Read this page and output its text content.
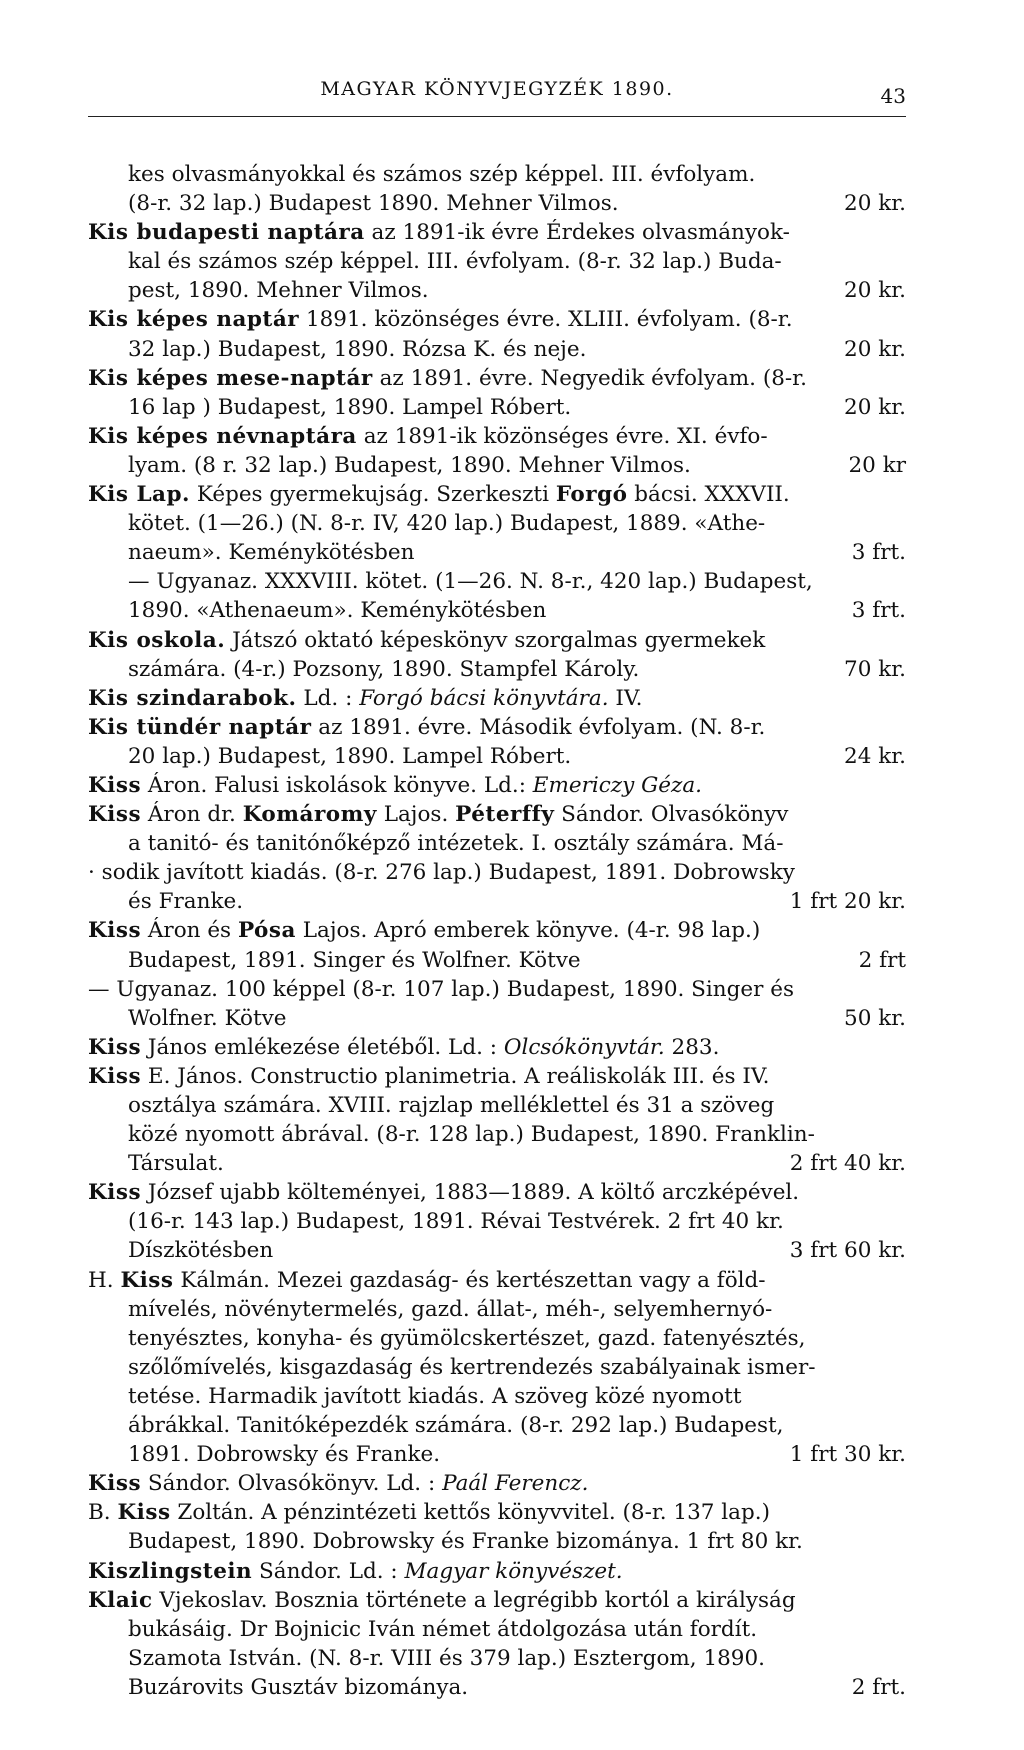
MAGYAR KÖNYVJEGYZÉK 1890.	43
kes olvasmányokkal és számos szép képpel. III. évfolyam.
(8-r. 32 lap.) Budapest 1890. Mehner Vilmos.	20 kr.
Kis budapesti naptára az 1891-ik évre Érdekes olvasmányok-
kal és számos szép képpel. III. évfolyam. (8-r. 32 lap.) Buda-
pest, 1890. Mehner Vilmos.	20 kr.
Kis képes naptár 1891. közönséges évre. XLIII. évfolyam. (8-r.
32 lap.) Budapest, 1890. Rózsa K. és neje.	20 kr.
Kis képes mese-naptár az 1891. évre. Negyedik évfolyam. (8-r.
16 lap ) Budapest, 1890. Lampel Róbert.	20 kr.
Kis képes névnaptára az 1891-ik közönséges évre. XI. évfo-
lyam. (8 r. 32 lap.) Budapest, 1890. Mehner Vilmos.	20 kr
Kis Lap. Képes gyermekujság. Szerkeszti Forgó bácsi. XXXVII.
kötet. (1—26.) (N. 8-r. IV, 420 lap.) Budapest, 1889. «Athe-
naeum». Keménykötésben	3 frt.
— Ugyanaz. XXXVIII. kötet. (1—26. N. 8-r., 420 lap.) Budapest,
1890. «Athenaeum». Keménykötésben	3 frt.
Kis oskola. Játszó oktató képeskönyv szorgalmas gyermekek
számára. (4-r.) Pozsony, 1890. Stampfel Károly.	70 kr.
Kis szindarabok. Ld. : Forgó bácsi könyvtára. IV.
Kis tündér naptár az 1891. évre. Második évfolyam. (N. 8-r.
20 lap.) Budapest, 1890. Lampel Róbert.	24 kr.
Kiss Áron. Falusi iskolások könyve. Ld.: Emericzy Géza.
Kiss Áron dr. Komáromy Lajos. Péterffy Sándor. Olvasókönyv
a tanitó- és tanitónőképző intézetek. I. osztály számára. Má-
· sodik javított kiadás. (8-r. 276 lap.) Budapest, 1891. Dobrowsky
és Franke.	1 frt 20 kr.
Kiss Áron és Pósa Lajos. Apró emberek könyve. (4-r. 98 lap.)
Budapest, 1891. Singer és Wolfner. Kötve	2 frt
— Ugyanaz. 100 képpel (8-r. 107 lap.) Budapest, 1890. Singer és
Wolfner. Kötve	50 kr.
Kiss János emlékezése életéből. Ld. : Olcsókönyvtár. 283.
Kiss E. János. Constructio planimetria. A reáliskolák III. és IV.
osztálya számára. XVIII. rajzlap melléklettel és 31 a szöveg
közé nyomott ábrával. (8-r. 128 lap.) Budapest, 1890. Franklin-
Társulat.	2 frt 40 kr.
Kiss József ujabb költeményei, 1883—1889. A költő arczképével.
(16-r. 143 lap.) Budapest, 1891. Révai Testvérek. 2 frt 40 kr.
Díszkötésben	3 frt 60 kr.
H. Kiss Kálmán. Mezei gazdaság- és kertészettan vagy a föld-
mívelés, növénytermelés, gazd. állat-, méh-, selyemhernyó-
tenyésztes, konyha- és gyümölcskertészet, gazd. fatenyésztés,
szőlőmívelés, kisgazdaság és kertrendezés szabályainak ismer-
tetése. Harmadik javított kiadás. A szöveg közé nyomott
ábrákkal. Tanitóképezdék számára. (8-r. 292 lap.) Budapest,
1891. Dobrowsky és Franke.	1 frt 30 kr.
Kiss Sándor. Olvasókönyv. Ld. : Paál Ferencz.
B. Kiss Zoltán. A pénzintézeti kettős könyvvitel. (8-r. 137 lap.)
Budapest, 1890. Dobrowsky és Franke bizománya. 1 frt 80 kr.
Kiszlingstein Sándor. Ld. : Magyar könyvészet.
Klaic Vjekoslav. Bosznia története a legrégibb kortól a királyság
bukásáig. Dr Bojnicic Iván német átdolgozása után fordít.
Szamota István. (N. 8-r. VIII és 379 lap.) Esztergom, 1890.
Buzárovits Gusztáv bizománya.	2 frt.
